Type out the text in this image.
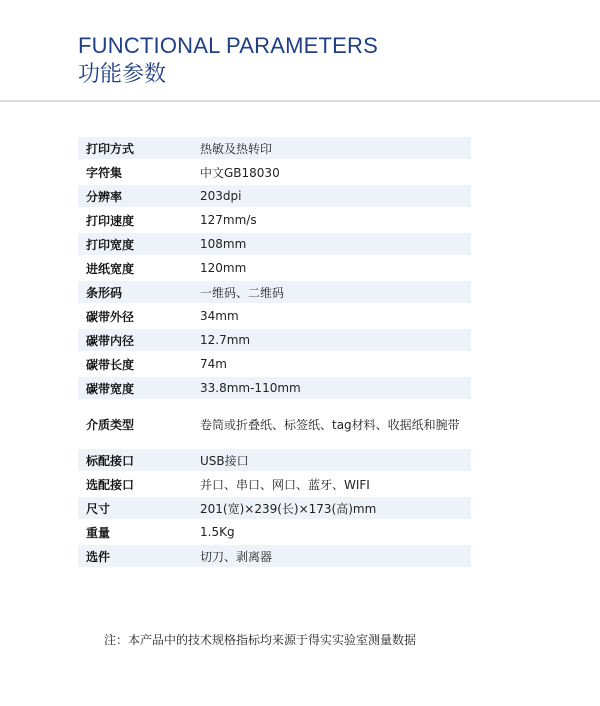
FUNCTIONAL PARAMETERS
功能参数
打印方式	热敏及热转印
字符集	中文GB18030
分辨率	203dpi
打印速度	127mm/s
打印宽度	108mm
进纸宽度	120mm
条形码	一维码、二维码
碳带外径	34mm
碳带内径	12.7mm
碳带长度	74m
碳带宽度	33.8mm-110mm
介质类型	卷筒或折叠纸、标签纸、tag材料、收据纸和腕带
标配接口	USB接口
选配接口	并口、串口、网口、蓝牙、WIFI
尺寸	201(宽)×239(长)×173(高)mm
重量	1.5Kg
选件	切刀、剥离器
注：本产品中的技术规格指标均来源于得实实验室测量数据
